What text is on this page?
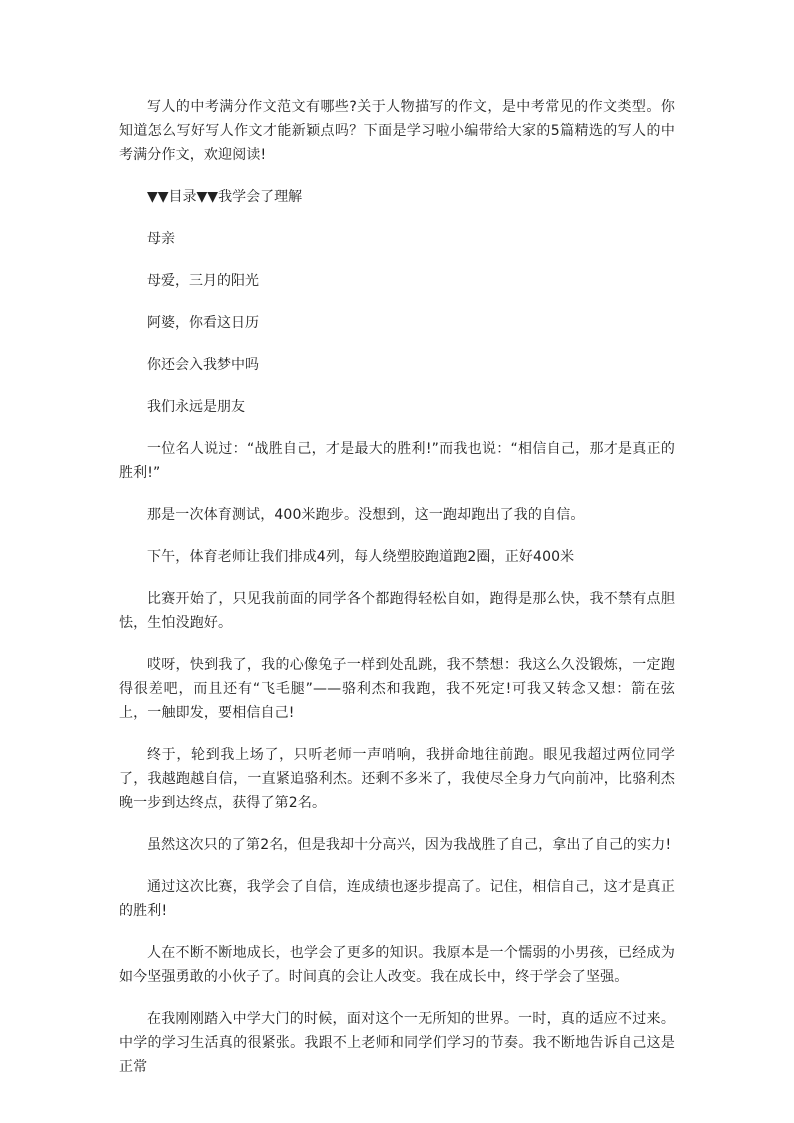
写人的中考满分作文范文有哪些?关于人物描写的作文，是中考常见的作文类型。你知道怎么写好写人作文才能新颖点吗？下面是学习啦小编带给大家的5篇精选的写人的中考满分作文，欢迎阅读!

▼▼目录▼▼我学会了理解

母亲

母爱，三月的阳光

阿婆，你看这日历

你还会入我梦中吗

我们永远是朋友

一位名人说过：“战胜自己，才是最大的胜利!”而我也说：“相信自己，那才是真正的胜利!”

那是一次体育测试，400米跑步。没想到，这一跑却跑出了我的自信。

下午，体育老师让我们排成4列，每人绕塑胶跑道跑2圈，正好400米

比赛开始了，只见我前面的同学各个都跑得轻松自如，跑得是那么快，我不禁有点胆怯，生怕没跑好。

哎呀，快到我了，我的心像兔子一样到处乱跳，我不禁想：我这么久没锻炼，一定跑得很差吧，而且还有“飞毛腿”——骆利杰和我跑，我不死定!可我又转念又想：箭在弦上，一触即发，要相信自己!

终于，轮到我上场了，只听老师一声哨响，我拼命地往前跑。眼见我超过两位同学了，我越跑越自信，一直紧追骆利杰。还剩不多米了，我使尽全身力气向前冲，比骆利杰晚一步到达终点，获得了第2名。

虽然这次只的了第2名，但是我却十分高兴，因为我战胜了自己，拿出了自己的实力!

通过这次比赛，我学会了自信，连成绩也逐步提高了。记住，相信自己，这才是真正的胜利!

人在不断不断地成长，也学会了更多的知识。我原本是一个懦弱的小男孩，已经成为如今坚强勇敢的小伙子了。时间真的会让人改变。我在成长中，终于学会了坚强。

在我刚刚踏入中学大门的时候，面对这个一无所知的世界。一时，真的适应不过来。中学的学习生活真的很紧张。我跟不上老师和同学们学习的节奏。我不断地告诉自己这是正常
